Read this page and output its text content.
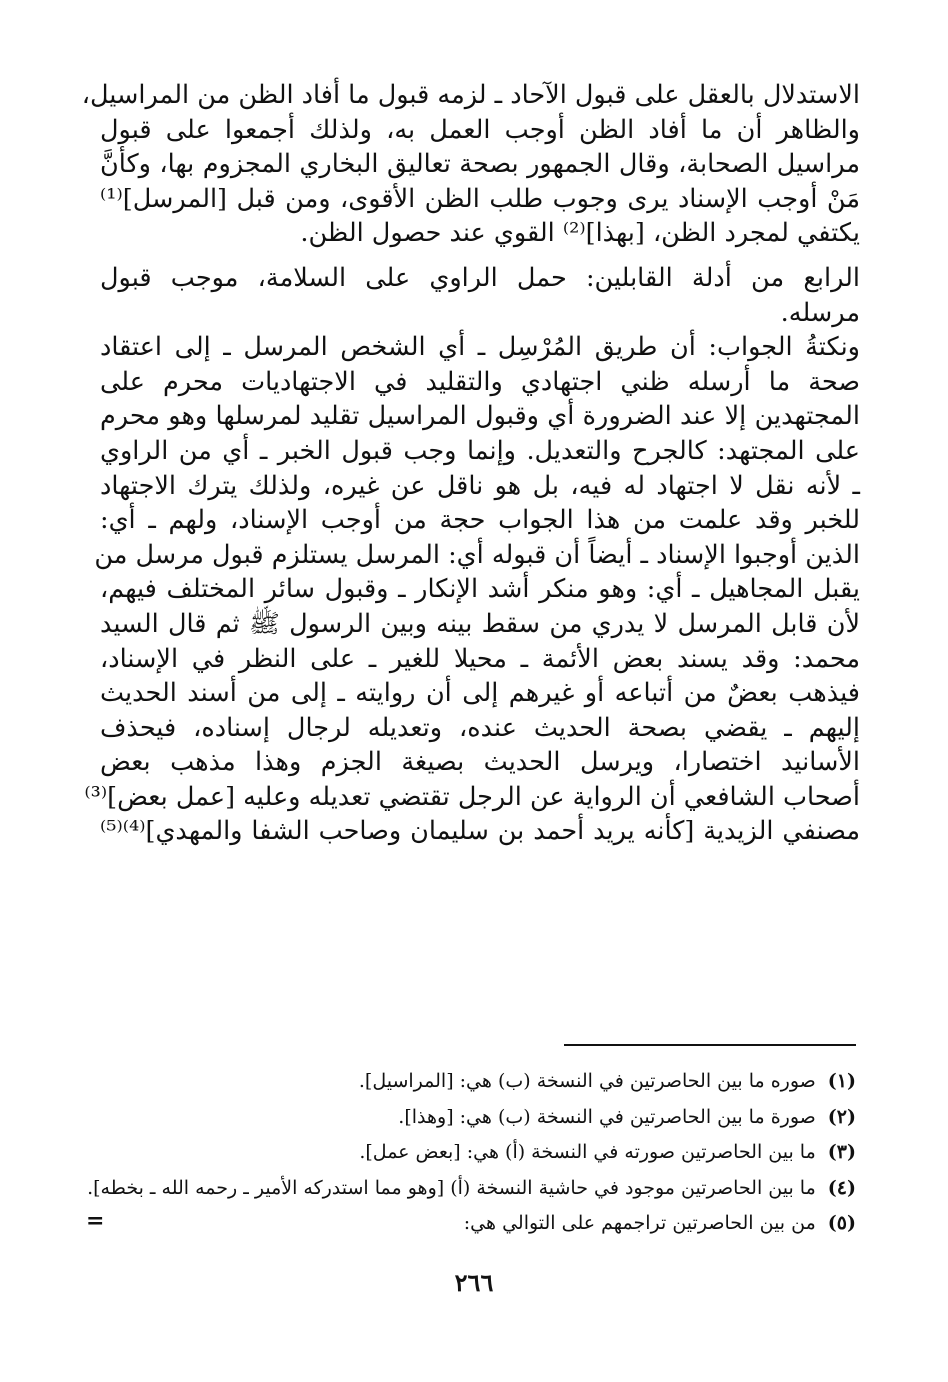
الاستدلال بالعقل على قبول الآحاد ـ لزمه قبول ما أفاد الظن من المراسيل،
والظاهر أن ما أفاد الظن أوجب العمل به، ولذلك أجمعوا على قبول
مراسيل الصحابة، وقال الجمهور بصحة تعاليق البخاري المجزوم بها، وكأنَّ
مَنْ أوجب الإسناد يرى وجوب طلب الظن الأقوى، ومن قبل [المرسل]⁽¹⁾
يكتفي لمجرد الظن، [بهذا]⁽²⁾ القوي عند حصول الظن.
الرابع من أدلة القابلين: حمل الراوي على السلامة، موجب قبول
مرسله.
ونكتةُ الجواب: أن طريق المُرْسِل ـ أي الشخص المرسل ـ إلى اعتقاد
صحة ما أرسله ظني اجتهادي والتقليد في الاجتهاديات محرم على
المجتهدين إلا عند الضرورة أي وقبول المراسيل تقليد لمرسلها وهو محرم
على المجتهد: كالجرح والتعديل. وإنما وجب قبول الخبر ـ أي من الراوي
ـ لأنه نقل لا اجتهاد له فيه، بل هو ناقل عن غيره، ولذلك يترك الاجتهاد
للخبر وقد علمت من هذا الجواب حجة من أوجب الإسناد، ولهم ـ أي:
الذين أوجبوا الإسناد ـ أيضاً أن قبوله أي: المرسل يستلزم قبول مرسل من
يقبل المجاهيل ـ أي: وهو منكر أشد الإنكار ـ وقبول سائر المختلف فيهم،
لأن قابل المرسل لا يدري من سقط بينه وبين الرسول ﷺ ثم قال السيد
محمد: وقد يسند بعض الأئمة ـ محيلا للغير ـ على النظر في الإسناد،
فيذهب بعضٌ من أتباعه أو غيرهم إلى أن روايته ـ إلى من أسند الحديث
إليهم ـ يقضي بصحة الحديث عنده، وتعديله لرجال إسناده، فيحذف
الأسانيد اختصارا، ويرسل الحديث بصيغة الجزم وهذا مذهب بعض
أصحاب الشافعي أن الرواية عن الرجل تقتضي تعديله وعليه [عمل بعض]⁽³⁾
مصنفي الزيدية [كأنه يريد أحمد بن سليمان وصاحب الشفا والمهدي]⁽⁴⁾⁽⁵⁾
(١)صوره ما بين الحاصرتين في النسخة (ب) هي: [المراسيل].
(٢)صورة ما بين الحاصرتين في النسخة (ب) هي: [وهذا].
(٣)ما بين الحاصرتين صورته في النسخة (أ) هي: [بعض عمل].
(٤)ما بين الحاصرتين موجود في حاشية النسخة (أ) [وهو مما استدركه الأمير ـ رحمه الله ـ بخطه].
(٥)من بين الحاصرتين تراجمهم على التوالي هي:
=
٢٦٦
